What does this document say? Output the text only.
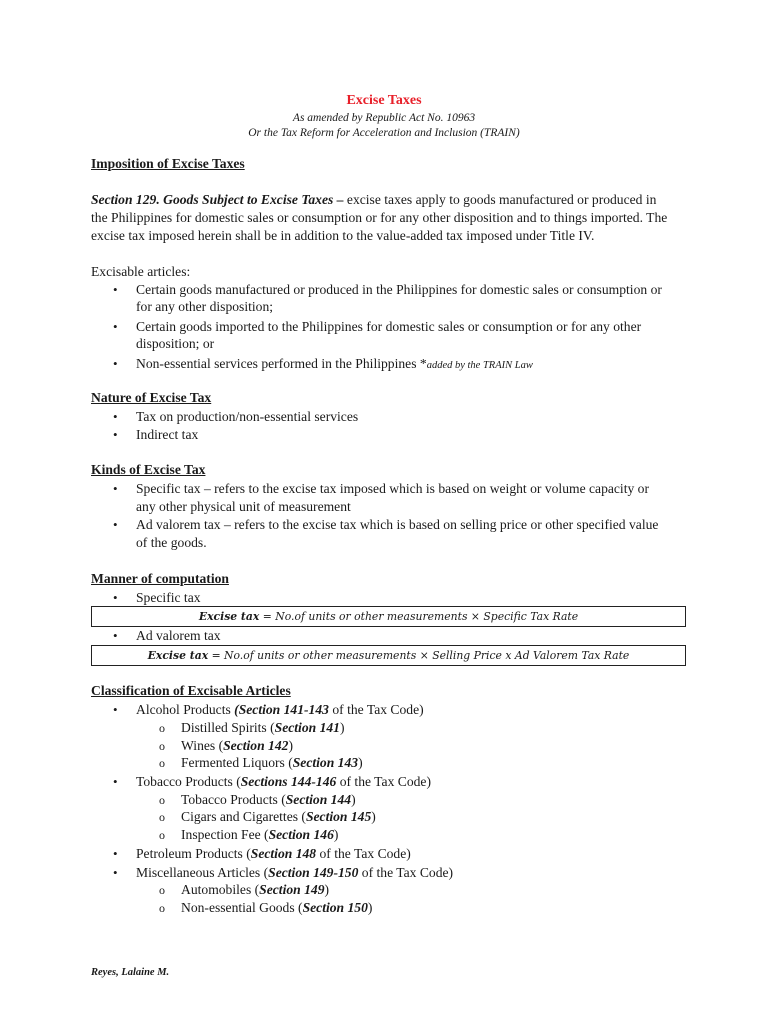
Excise Taxes
As amended by Republic Act No. 10963
Or the Tax Reform for Acceleration and Inclusion (TRAIN)
Imposition of Excise Taxes
Section 129. Goods Subject to Excise Taxes – excise taxes apply to goods manufactured or produced in
the Philippines for domestic sales or consumption or for any other disposition and to things imported. The
excise tax imposed herein shall be in addition to the value-added tax imposed under Title IV.
Excisable articles:
•	Certain goods manufactured or produced in the Philippines for domestic sales or consumption or
for any other disposition;
•	Certain goods imported to the Philippines for domestic sales or consumption or for any other
disposition; or
•	Non-essential services performed in the Philippines *added by the TRAIN Law
Nature of Excise Tax
•	Tax on production/non-essential services
•	Indirect tax
Kinds of Excise Tax
•	Specific tax – refers to the excise tax imposed which is based on weight or volume capacity or
any other physical unit of measurement
•	Ad valorem tax – refers to the excise tax which is based on selling price or other specified value
of the goods.
Manner of computation
•	Specific tax
Excise tax = No.of units or other measurements × Specific Tax Rate
•	Ad valorem tax
Excise tax = No.of units or other measurements × Selling Price x Ad Valorem Tax Rate
Classification of Excisable Articles
•	Alcohol Products (Section 141-143 of the Tax Code)
o Distilled Spirits (Section 141)
o Wines (Section 142)
o Fermented Liquors (Section 143)
•	Tobacco Products (Sections 144-146 of the Tax Code)
o Tobacco Products (Section 144)
o Cigars and Cigarettes (Section 145)
o Inspection Fee (Section 146)
•	Petroleum Products (Section 148 of the Tax Code)
•	Miscellaneous Articles (Section 149-150 of the Tax Code)
o Automobiles (Section 149)
o Non-essential Goods (Section 150)
Reyes, Lalaine M.
